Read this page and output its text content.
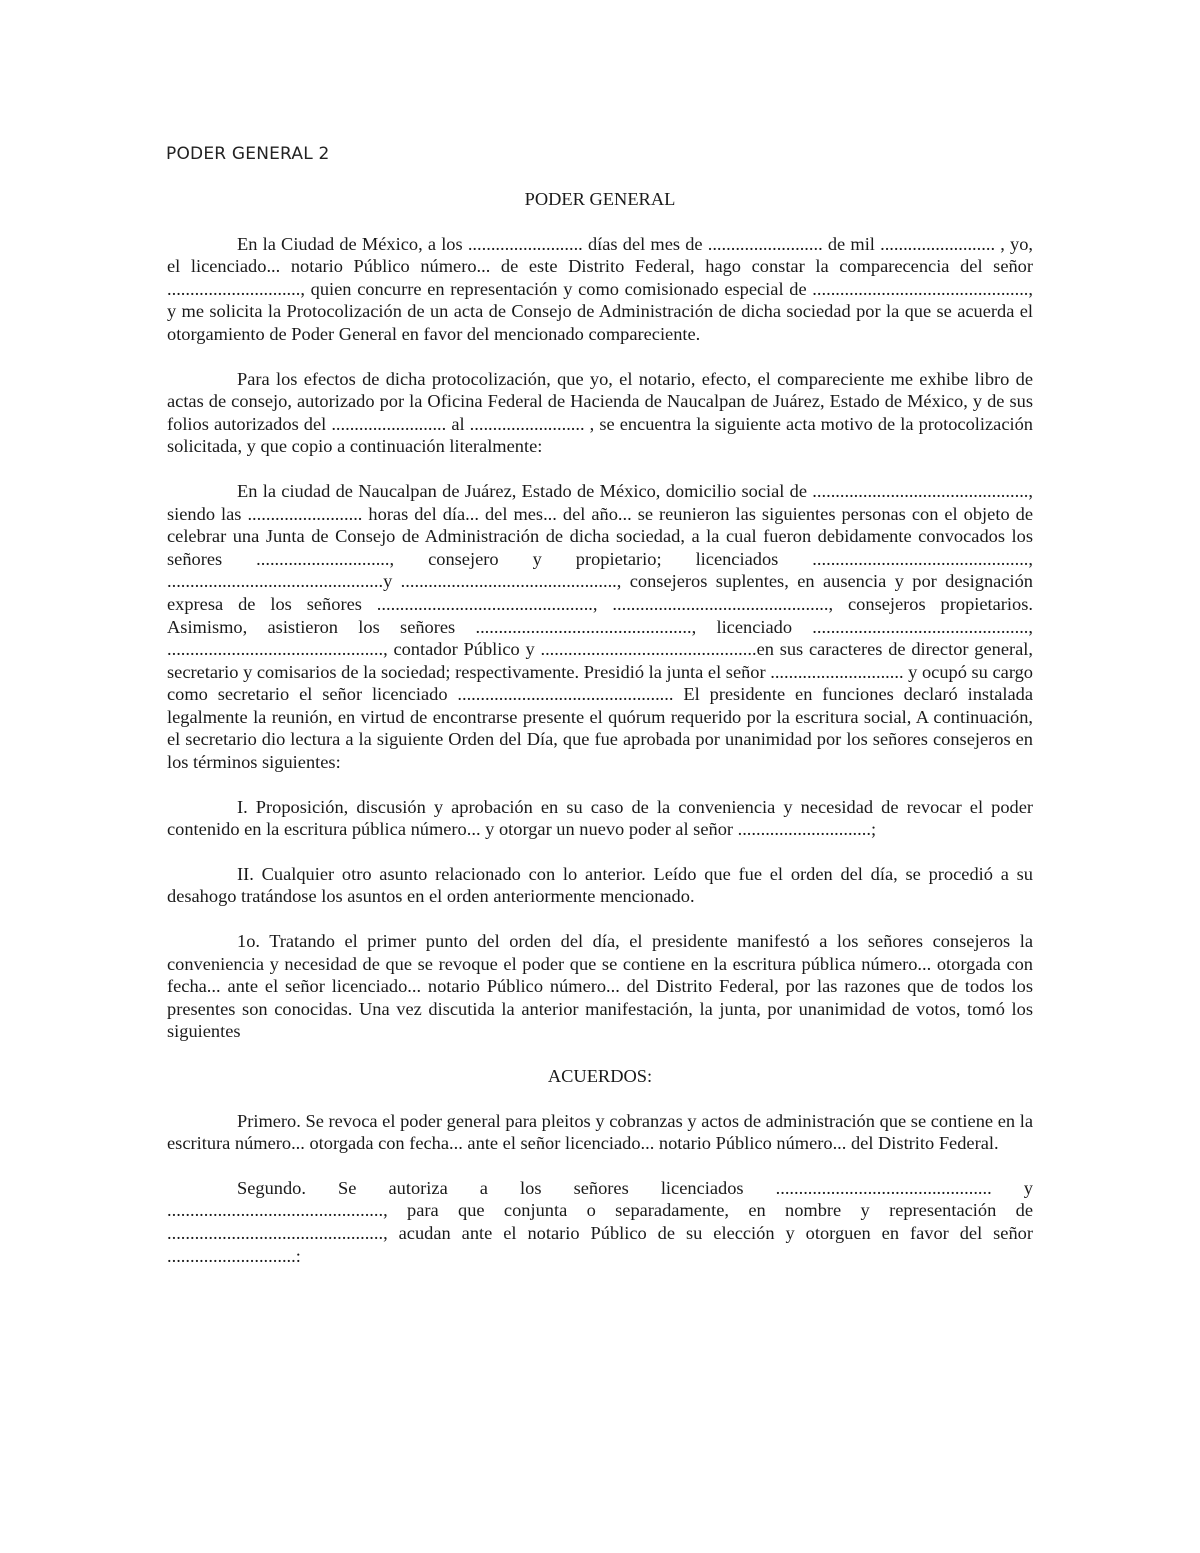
PODER GENERAL 2
PODER GENERAL

En la Ciudad de México, a los ......................... días del mes de ......................... de mil ......................... , yo, el licenciado... notario Público número... de este Distrito Federal, hago constar la comparecencia del señor ............................., quien concurre en representación y como comisionado especial de ..............................................., y me solicita la Protocolización de un acta de Consejo de Administración de dicha sociedad por la que se acuerda el otorgamiento de Poder General en favor del mencionado compareciente.

Para los efectos de dicha protocolización, que yo, el notario, efecto, el compareciente me exhibe libro de actas de consejo, autorizado por la Oficina Federal de Hacienda de Naucalpan de Juárez, Estado de México, y de sus folios autorizados del ......................... al ......................... , se encuentra la siguiente acta motivo de la protocolización solicitada, y que copio a continuación literalmente:

En la ciudad de Naucalpan de Juárez, Estado de México, domicilio social de ..............................................., siendo las ......................... horas del día... del mes... del año... se reunieron las siguientes personas con el objeto de celebrar una Junta de Consejo de Administración de dicha sociedad, a la cual fueron debidamente convocados los señores ............................., consejero y propietario; licenciados ..............................................., ...............................................y ..............................................., consejeros suplentes, en ausencia y por designación expresa de los señores ..............................................., ..............................................., consejeros propietarios. Asimismo, asistieron los señores ..............................................., licenciado ..............................................., ..............................................., contador Público y ...............................................en sus caracteres de director general, secretario y comisarios de la sociedad; respectivamente. Presidió la junta el señor ............................. y ocupó su cargo como secretario el señor licenciado ............................................... El presidente en funciones declaró instalada legalmente la reunión, en virtud de encontrarse presente el quórum requerido por la escritura social, A continuación, el secretario dio lectura a la siguiente Orden del Día, que fue aprobada por unanimidad por los señores consejeros en los términos siguientes:

I. Proposición, discusión y aprobación en su caso de la conveniencia y necesidad de revocar el poder contenido en la escritura pública número... y otorgar un nuevo poder al señor .............................;

II. Cualquier otro asunto relacionado con lo anterior. Leído que fue el orden del día, se procedió a su desahogo tratándose los asuntos en el orden anteriormente mencionado.

1o. Tratando el primer punto del orden del día, el presidente manifestó a los señores consejeros la conveniencia y necesidad de que se revoque el poder que se contiene en la escritura pública número... otorgada con fecha... ante el señor licenciado... notario Público número... del Distrito Federal, por las razones que de todos los presentes son conocidas. Una vez discutida la anterior manifestación, la junta, por unanimidad de votos, tomó los siguientes

ACUERDOS:

Primero. Se revoca el poder general para pleitos y cobranzas y actos de administración que se contiene en la escritura número... otorgada con fecha... ante el señor licenciado... notario Público número... del Distrito Federal.

Segundo. Se autoriza a los señores licenciados ............................................... y ..............................................., para que conjunta o separadamente, en nombre y representación de ..............................................., acudan ante el notario Público de su elección y otorguen en favor del señor ............................:
